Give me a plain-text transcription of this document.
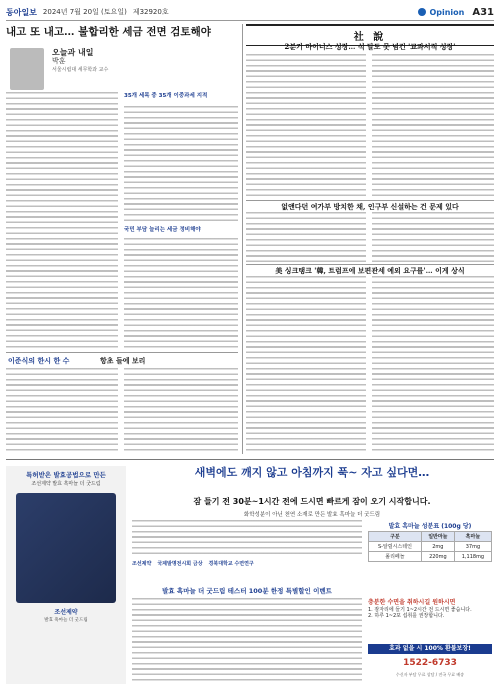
동아일보 2024년 7월 20일 (토요일) 제32920호	Opinion A31
내고 또 내고… 불합리한 세금 전면 검토해야
오늘과 내일
박훈
서울시립대 세무학과 교수
35개 세목 중 35개 이중과세 지적
국민 부담 늘리는 세금 정비해야
이준식의 한시 한 수	항초 들에 보리
社 說
2분기 마이너스 성장… 석 달도 못 넘긴 '교과서적 성장'
없앤다던 여가부 방치한 채, 인구부 신설하는 건 문제 있다
美 싱크탱크 '韓, 트럼프에 보편관세 예외 요구를'… 이게 상식
특허받은 발효공법으로 만든
조선제약 발효 흑마늘 더 굿드림
조선제약
발효 흑마늘 더 굿드림
새벽에도 깨지 않고 아침까지 푹~ 자고 싶다면…
잠 들기 전 30분~1시간 전에 드시면 빠르게 잠이 오기 시작합니다.
화학성분이 아닌 천연 소재로 만든 발효 흑마늘 더 굿드림
조선제약 국제발명전시회 금상 경북대학교 수면연구
발효 흑마늘 더 굿드림 테스터 100분 한정 특별할인 이벤트
발효 흑마늘 성분표 (100g 당)		
구분	일반마늘	흑마늘
S-알릴시스테인	2mg	37mg
폴리페놀	220mg	1,118mg
충분한 수면을 취하시길 원하시면
1. 잠자리에 들기 1~2시간 전 드시면 좋습니다.
2. 하루 1~2포 섭취를 권장합니다.
효과 없을 시 100% 환불보장!
1522-6733
수신자 부담 무료 상담 / 전국 무료 배송
